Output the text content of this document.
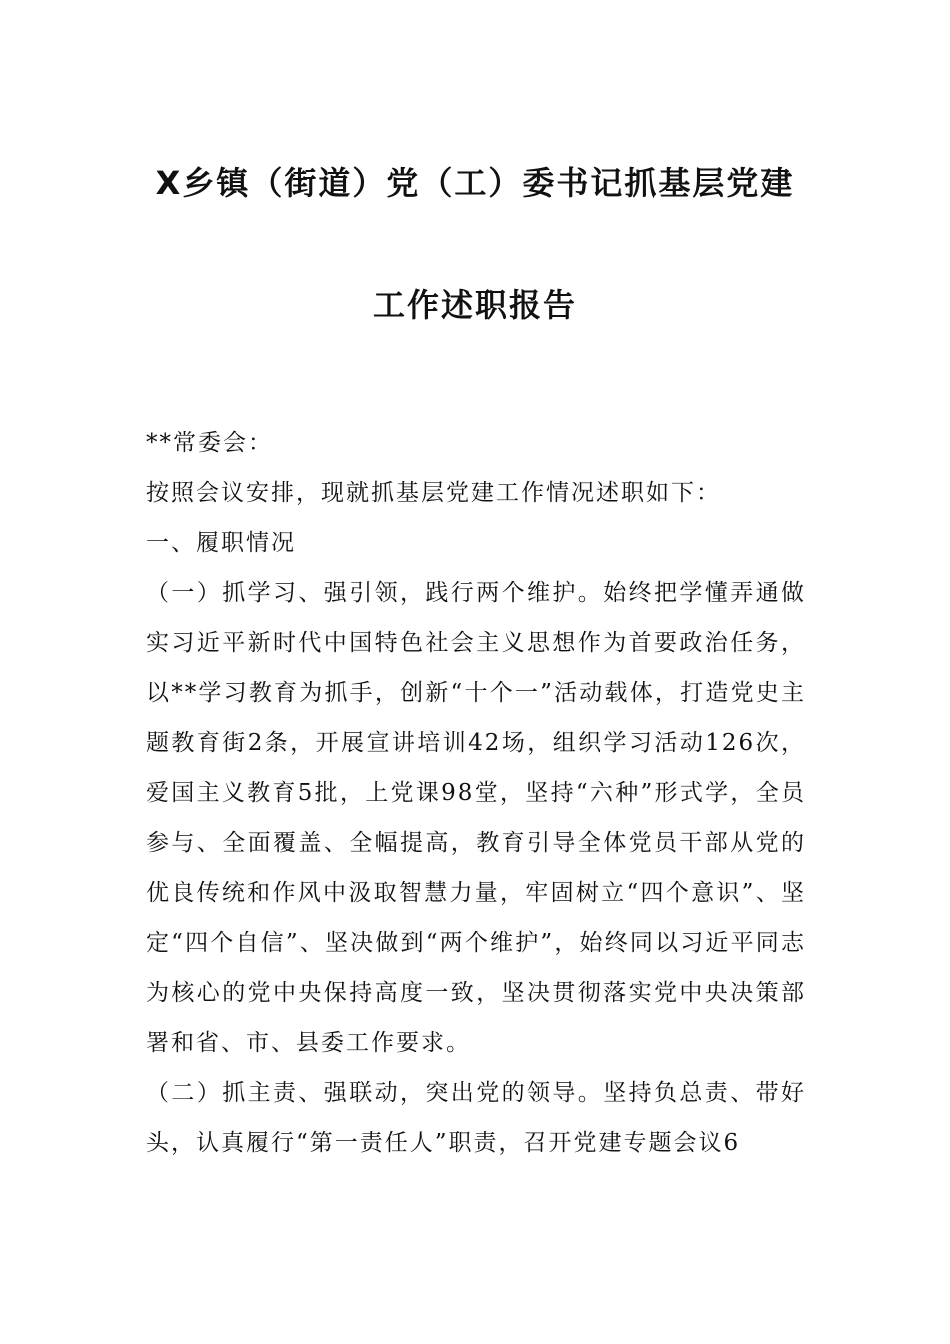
X乡镇（街道）党（工）委书记抓基层党建
工作述职报告

**常委会：

按照会议安排，现就抓基层党建工作情况述职如下：

一、履职情况

（一）抓学习、强引领，践行两个维护。始终把学懂弄通做实习近平新时代中国特色社会主义思想作为首要政治任务，以**学习教育为抓手，创新“十个一”活动载体，打造党史主题教育街2条，开展宣讲培训42场，组织学习活动126次，爱国主义教育5批，上党课98堂，坚持“六种”形式学，全员参与、全面覆盖、全幅提高，教育引导全体党员干部从党的优良传统和作风中汲取智慧力量，牢固树立“四个意识”、坚定“四个自信”、坚决做到“两个维护”，始终同以习近平同志为核心的党中央保持高度一致，坚决贯彻落实党中央决策部署和省、市、县委工作要求。

（二）抓主责、强联动，突出党的领导。坚持负总责、带好头，认真履行“第一责任人”职责，召开党建专题会议6
